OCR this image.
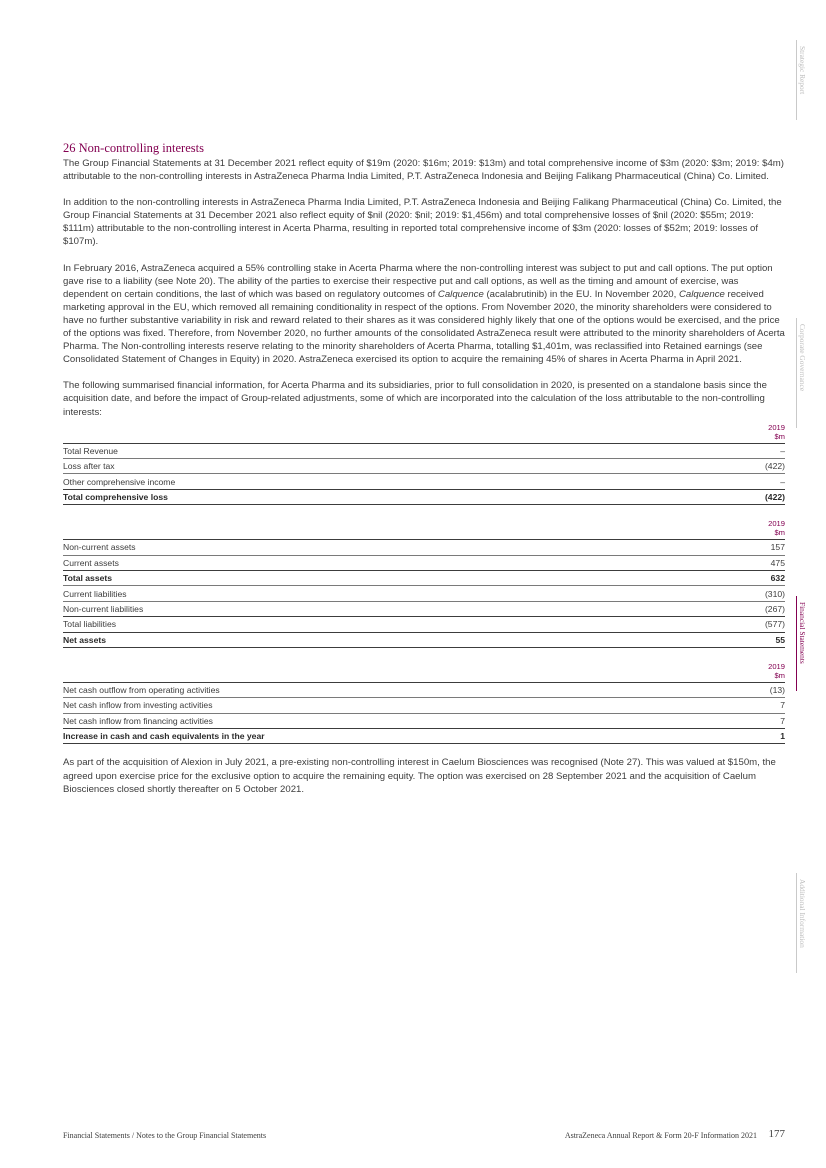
26 Non-controlling interests

The Group Financial Statements at 31 December 2021 reflect equity of $19m (2020: $16m; 2019: $13m) and total comprehensive income of $3m (2020: $3m; 2019: $4m) attributable to the non-controlling interests in AstraZeneca Pharma India Limited, P.T. AstraZeneca Indonesia and Beijing Falikang Pharmaceutical (China) Co. Limited.

In addition to the non-controlling interests in AstraZeneca Pharma India Limited, P.T. AstraZeneca Indonesia and Beijing Falikang Pharmaceutical (China) Co. Limited, the Group Financial Statements at 31 December 2021 also reflect equity of $nil (2020: $nil; 2019: $1,456m) and total comprehensive losses of $nil (2020: $55m; 2019: $111m) attributable to the non-controlling interest in Acerta Pharma, resulting in reported total comprehensive income of $3m (2020: losses of $52m; 2019: losses of $107m).

In February 2016, AstraZeneca acquired a 55% controlling stake in Acerta Pharma where the non-controlling interest was subject to put and call options. The put option gave rise to a liability (see Note 20). The ability of the parties to exercise their respective put and call options, as well as the timing and amount of exercise, was dependent on certain conditions, the last of which was based on regulatory outcomes of Calquence (acalabrutinib) in the EU. In November 2020, Calquence received marketing approval in the EU, which removed all remaining conditionality in respect of the options. From November 2020, the minority shareholders were considered to have no further substantive variability in risk and reward related to their shares as it was considered highly likely that one of the options would be exercised, and the price of the options was fixed. Therefore, from November 2020, no further amounts of the consolidated AstraZeneca result were attributed to the minority shareholders of Acerta Pharma. The Non-controlling interests reserve relating to the minority shareholders of Acerta Pharma, totalling $1,401m, was reclassified into Retained earnings (see Consolidated Statement of Changes in Equity) in 2020. AstraZeneca exercised its option to acquire the remaining 45% of shares in Acerta Pharma in April 2021.

The following summarised financial information, for Acerta Pharma and its subsidiaries, prior to full consolidation in 2020, is presented on a standalone basis since the acquisition date, and before the impact of Group-related adjustments, some of which are incorporated into the calculation of the loss attributable to the non-controlling interests:

2019
$m
Total Revenue	–
Loss after tax	(422)
Other comprehensive income	–
Total comprehensive loss	(422)
2019
$m
Non-current assets	157
Current assets	475
Total assets	632
Current liabilities	(310)
Non-current liabilities	(267)
Total liabilities	(577)
Net assets	55
2019
$m
Net cash outflow from operating activities	(13)
Net cash inflow from investing activities	7
Net cash inflow from financing activities	7
Increase in cash and cash equivalents in the year	1

As part of the acquisition of Alexion in July 2021, a pre-existing non-controlling interest in Caelum Biosciences was recognised (Note 27). This was valued at $150m, the agreed upon exercise price for the exclusive option to acquire the remaining equity. The option was exercised on 28 September 2021 and the acquisition of Caelum Biosciences closed shortly thereafter on 5 October 2021.

Strategic Report
Corporate Governance
Financial Statements
Additional Information
Financial Statements / Notes to the Group Financial Statements	AstraZeneca Annual Report & Form 20-F Information 2021 177
